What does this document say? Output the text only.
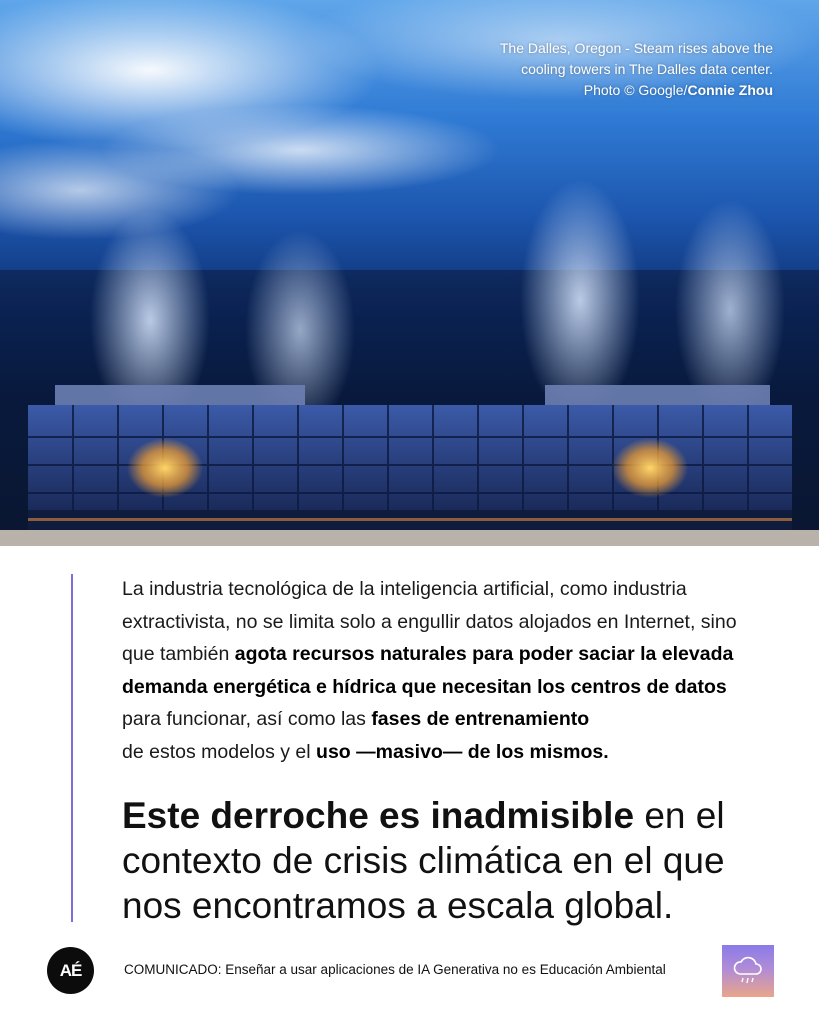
The Dalles, Oregon - Steam rises above the
cooling towers in The Dalles data center.
Photo © Google/Connie Zhou
La industria tecnológica de la inteligencia artificial, como industria extractivista, no se limita solo a engullir datos alojados en Internet, sino que también agota recursos naturales para poder saciar la elevada demanda energética e hídrica que necesitan los centros de datos para funcionar, así como las fases de entrenamiento
de estos modelos y el uso —masivo— de los mismos.
Este derroche es inadmisible en el contexto de crisis climática en el que nos encontramos a escala global.
AÉ	COMUNICADO: Enseñar a usar aplicaciones de IA Generativa no es Educación Ambiental
